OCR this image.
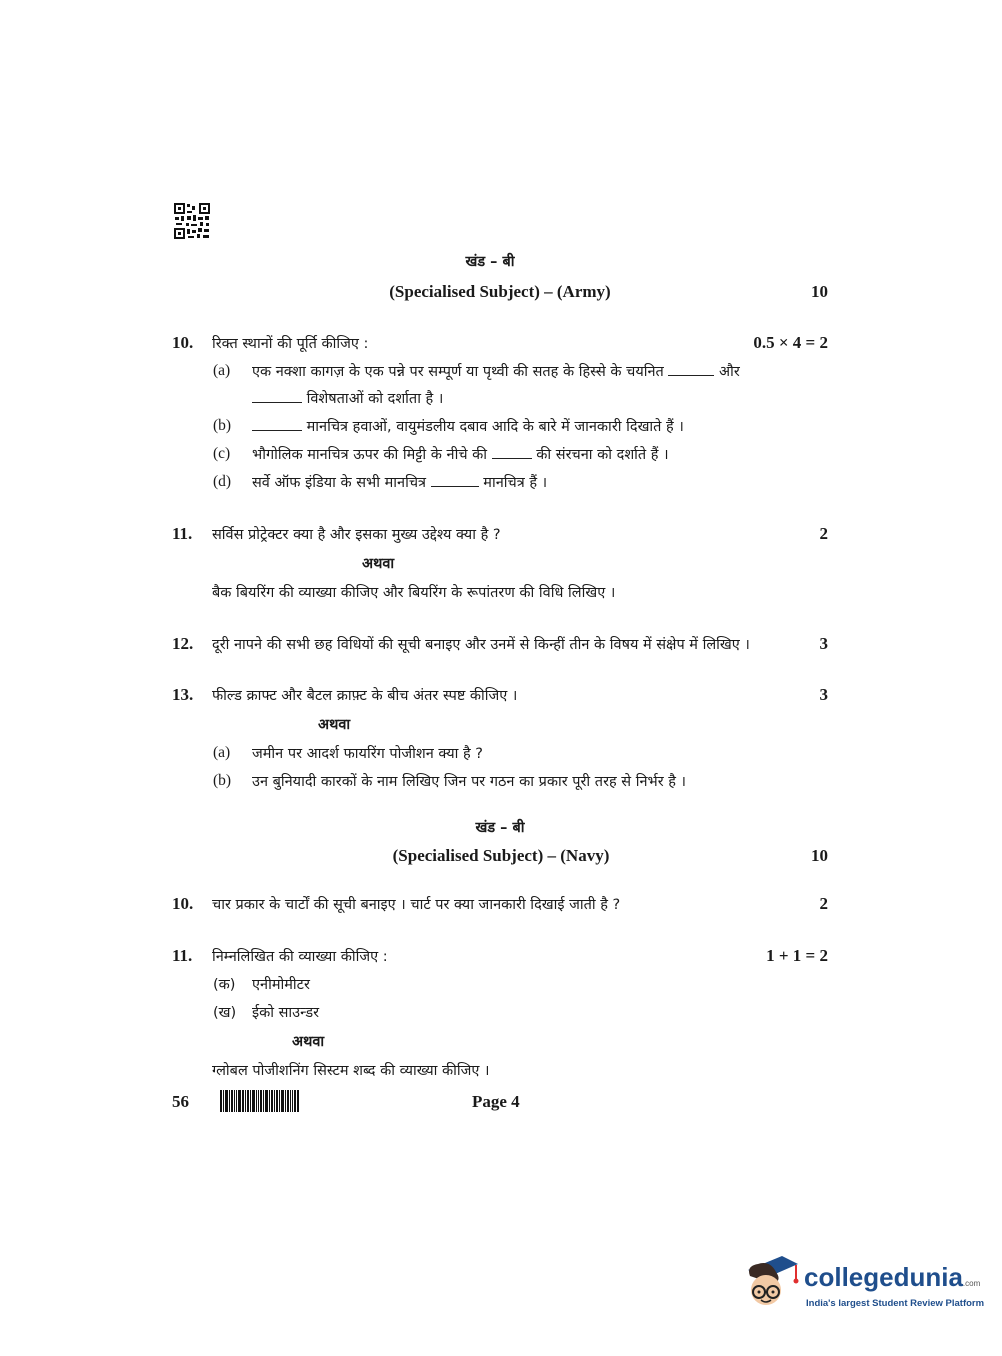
खंड – बी
(Specialised Subject) – (Army)	10
10. रिक्त स्थानों की पूर्ति कीजिए :	0.5 × 4 = 2
(a) एक नक्शा कागज़ के एक पन्ने पर सम्पूर्ण या पृथ्वी की सतह के हिस्से के चयनित	और
विशेषताओं को दर्शाता है ।
(b)	मानचित्र हवाओं, वायुमंडलीय दबाव आदि के बारे में जानकारी दिखाते हैं ।
(c) भौगोलिक मानचित्र ऊपर की मिट्टी के नीचे की	की संरचना को दर्शाते हैं ।
(d) सर्वे ऑफ इंडिया के सभी मानचित्र	मानचित्र हैं ।
11. सर्विस प्रोट्रेक्टर क्या है और इसका मुख्य उद्देश्य क्या है ?	2
अथवा
बैक बियरिंग की व्याख्या कीजिए और बियरिंग के रूपांतरण की विधि लिखिए ।
12. दूरी नापने की सभी छह विधियों की सूची बनाइए और उनमें से किन्हीं तीन के विषय में संक्षेप में लिखिए ।	3
13. फील्ड क्राफ्ट और बैटल क्राफ़्ट के बीच अंतर स्पष्ट कीजिए ।	3
अथवा
(a) जमीन पर आदर्श फायरिंग पोजीशन क्या है ?
(b) उन बुनियादी कारकों के नाम लिखिए जिन पर गठन का प्रकार पूरी तरह से निर्भर है ।
खंड – बी
(Specialised Subject) – (Navy)	10
10. चार प्रकार के चार्टों की सूची बनाइए । चार्ट पर क्या जानकारी दिखाई जाती है ?	2
11. निम्नलिखित की व्याख्या कीजिए :	1 + 1 = 2
(क) एनीमोमीटर
(ख) ईको साउन्डर
अथवा
ग्लोबल पोजीशनिंग सिस्टम शब्द की व्याख्या कीजिए ।
56	Page 4
collegedunia.com
India's largest Student Review Platform
